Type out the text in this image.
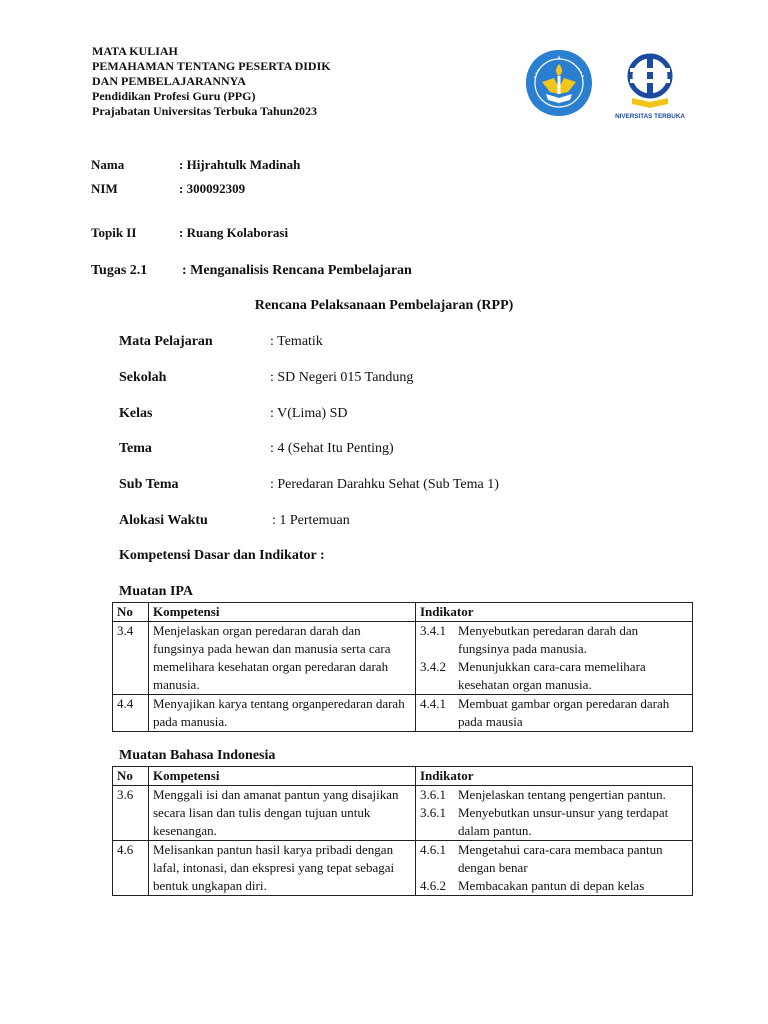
MATA KULIAH
PEMAHAMAN TENTANG PESERTA DIDIK
DAN PEMBELAJARANNYA
Pendidikan Profesi Guru (PPG)
Prajabatan Universitas Terbuka Tahun2023	NIVERSITAS TERBUKA
Nama	: Hijrahtulk Madinah
NIM	: 300092309
Topik II	: Ruang Kolaborasi
Tugas 2.1 : Menganalisis Rencana Pembelajaran
Rencana Pelaksanaan Pembelajaran (RPP)
Mata Pelajaran	: Tematik
Sekolah	: SD Negeri 015 Tandung
Kelas	: V(Lima) SD
Tema	: 4 (Sehat Itu Penting)
Sub Tema	: Peredaran Darahku Sehat (Sub Tema 1)
Alokasi Waktu	: 1 Pertemuan
Kompetensi Dasar dan Indikator :
Muatan IPA
No	Kompetensi	Indikator
3.4	Menjelaskan organ peredaran darah dan fungsinya pada hewan dan manusia serta cara memelihara kesehatan organ peredaran darah manusia.	3.4.1 Menyebutkan peredaran darah dan fungsinya pada manusia.
3.4.2 Menunjukkan cara-cara memelihara kesehatan organ manusia.

4.4	Menyajikan karya tentang organperedaran darah pada manusia.	4.4.1 Membuat gambar organ peredaran darah pada mausia
Muatan Bahasa Indonesia
No	Kompetensi	Indikator
3.6	Menggali isi dan amanat pantun yang disajikan secara lisan dan tulis dengan tujuan untuk kesenangan.	3.6.1 Menjelaskan tentang pengertian pantun.
3.6.1 Menyebutkan unsur-unsur yang terdapat dalam pantun.

4.6	Melisankan pantun hasil karya pribadi dengan lafal, intonasi, dan ekspresi yang tepat sebagai bentuk ungkapan diri.	4.6.1 Mengetahui cara-cara membaca pantun dengan benar
4.6.2 Membacakan pantun di depan kelas
